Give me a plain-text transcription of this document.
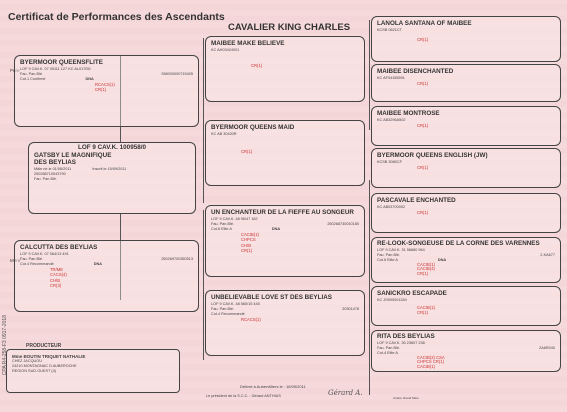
Certificat de Performances des Ascendants
CAVALIER KING CHARLES
Père
Mère
LOF 9 CAV.K. 100958/0
GATSBY LE MAGNIFIQUE
DES BEYLIAS
Mâle né le 01/06/2011	Inscrit le 15/09/2011
250268710043790
Fau. Pan.Blé.
BYERMOOR QUEENSFLITE
LOF 9 CAV.K. 07 05111 127 KC AL01705I
Fau. Pan.Blé.	938000000715405
Cot.1 Confirmé	DNA
RCACS(1)
CR(1)
CALCUTTA DES BEYLIAS
LOF 9 CAV.K. 07 064/13 491
Fau. Pan.Blé.	250269700350513
Cot.4 Recommandé	DNA
TR/ME
CACS(4)
CH/B
CR(3)
MAIBEE MAKE BELIEVE
KC AH03424001
CR(1)
BYERMOOR QUEENS MAID
KC AB 30420R
CR(1)
UN ENCHANTEUR DE LA FIEFFE AU SONGEUR
LOF 9 CAV.K. 48 96/47 182
Fau. Pan.Blé.	250268730010180
Cot.6 Elite A	DNA
CACIB(1)
CHPCS
CH/B
CR(1)
UNBELIEVABLE LOVE ST DES BEYLIAS
LOF 9 CAV.K. 48 560/15 445
Fau. Pan.Blé.	20301478
Cot.4 Recommandé
RCACS(1)
LANOLA SANTANA OF MAIBEE
KCSB 0621CT
CR(1)
MAIBEE DISENCHANTED
KC AF04155591
CR(1)
MAIBEE MONTROSE
KC AB3296A502
CR(1)
BYERMOOR QUEENS ENGLISH (JW)
KCSB 3080CF
CR(1)
PASCAVALE ENCHANTED
KC AB03700002
CR(1)
RE-LOOK-SONGEUSE DE LA CORNE DES VARENNES
LOF 9 CAV.K. 31 56680 964
Fau. Pan.Blé.	2-KA677
Cot.6 Elite A	DNA
CACIB(1)
CACIB(4)
CR(1)
SANICKRO ESCAPADE
KC Z0900001284
CACIB(1)
CR(1)
RITA DES BEYLIAS
LOF 9 CAV.K. 30 23607 238
Fau. Pan.Blé.	2A6R040
Cot.4 Elite A
CACIB(2) CSA
CHPCS CR(1)
CACIB(1)
PRODUCTEUR
Mme BOUTIN TRIQUET NATHALIE
CHEZ JACQUOU
24210 MONTAGNAC D AUBEROCHE
REGION SUD-OUEST (4)
Délivré à Aubervilliers le : 16/09/2011
Le président de la S.C.C. : Gérard ANTHIUS	Gérard A.
CPA R4-258-F3 0917-2018
Arrière Grand Mère
